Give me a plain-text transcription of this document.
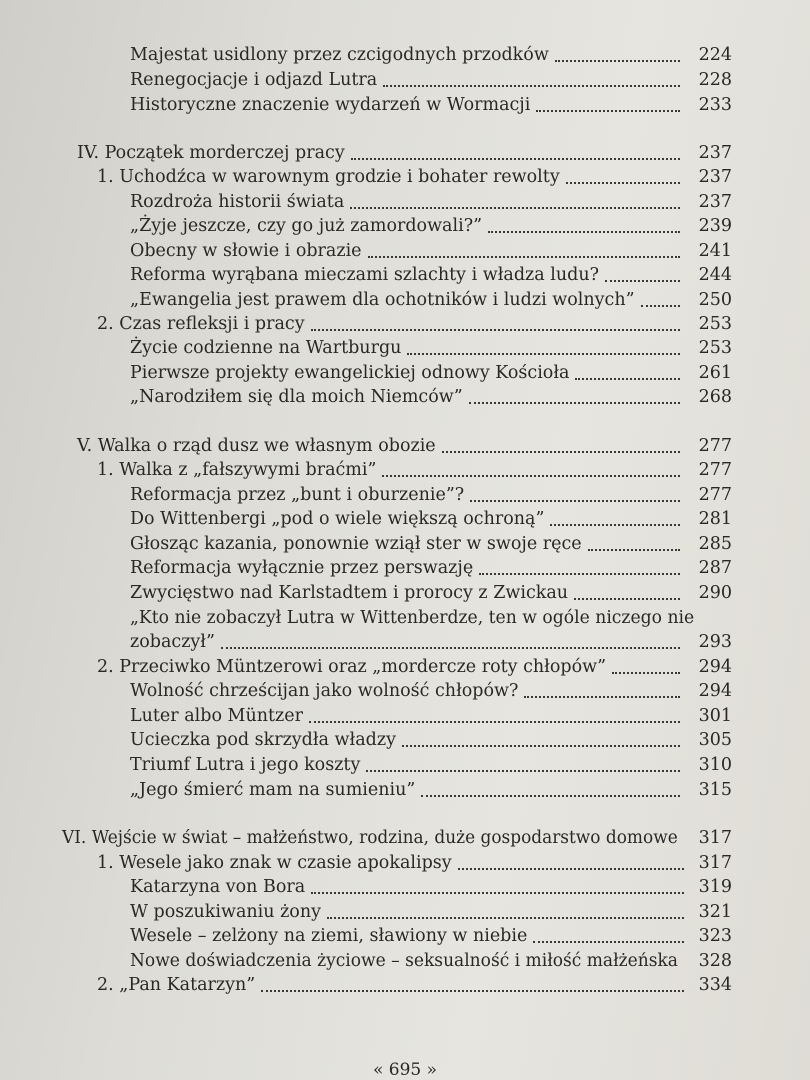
Majestat usidlony przez czcigodnych przodków	224
Renegocjacje i odjazd Lutra	228
Historyczne znaczenie wydarzeń w Wormacji	233
IV. Początek morderczej pracy	237
1. Uchodźca w warownym grodzie i bohater rewolty	237
Rozdroża historii świata	237
„Żyje jeszcze, czy go już zamordowali?”	239
Obecny w słowie i obrazie	241
Reforma wyrąbana mieczami szlachty i władza ludu?	244
„Ewangelia jest prawem dla ochotników i ludzi wolnych”	250
2. Czas refleksji i pracy	253
Życie codzienne na Wartburgu	253
Pierwsze projekty ewangelickiej odnowy Kościoła	261
„Narodziłem się dla moich Niemców”	268
V. Walka o rząd dusz we własnym obozie	277
1. Walka z „fałszywymi braćmi”	277
Reformacja przez „bunt i oburzenie”?	277
Do Wittenbergi „pod o wiele większą ochroną”	281
Głosząc kazania, ponownie wziął ster w swoje ręce	285
Reformacja wyłącznie przez perswazję	287
Zwycięstwo nad Karlstadtem i prorocy z Zwickau	290
„Kto nie zobaczył Lutra w Wittenberdze, ten w ogóle niczego nie
zobaczył”	293
2. Przeciwko Müntzerowi oraz „mordercze roty chłopów”	294
Wolność chrześcijan jako wolność chłopów?	294
Luter albo Müntzer	301
Ucieczka pod skrzydła władzy	305
Triumf Lutra i jego koszty	310
„Jego śmierć mam na sumieniu”	315
VI. Wejście w świat – małżeństwo, rodzina, duże gospodarstwo domowe	317
1. Wesele jako znak w czasie apokalipsy	317
Katarzyna von Bora	319
W poszukiwaniu żony	321
Wesele – zelżony na ziemi, sławiony w niebie	323
Nowe doświadczenia życiowe – seksualność i miłość małżeńska	328
2. „Pan Katarzyn”	334
« 695 »
